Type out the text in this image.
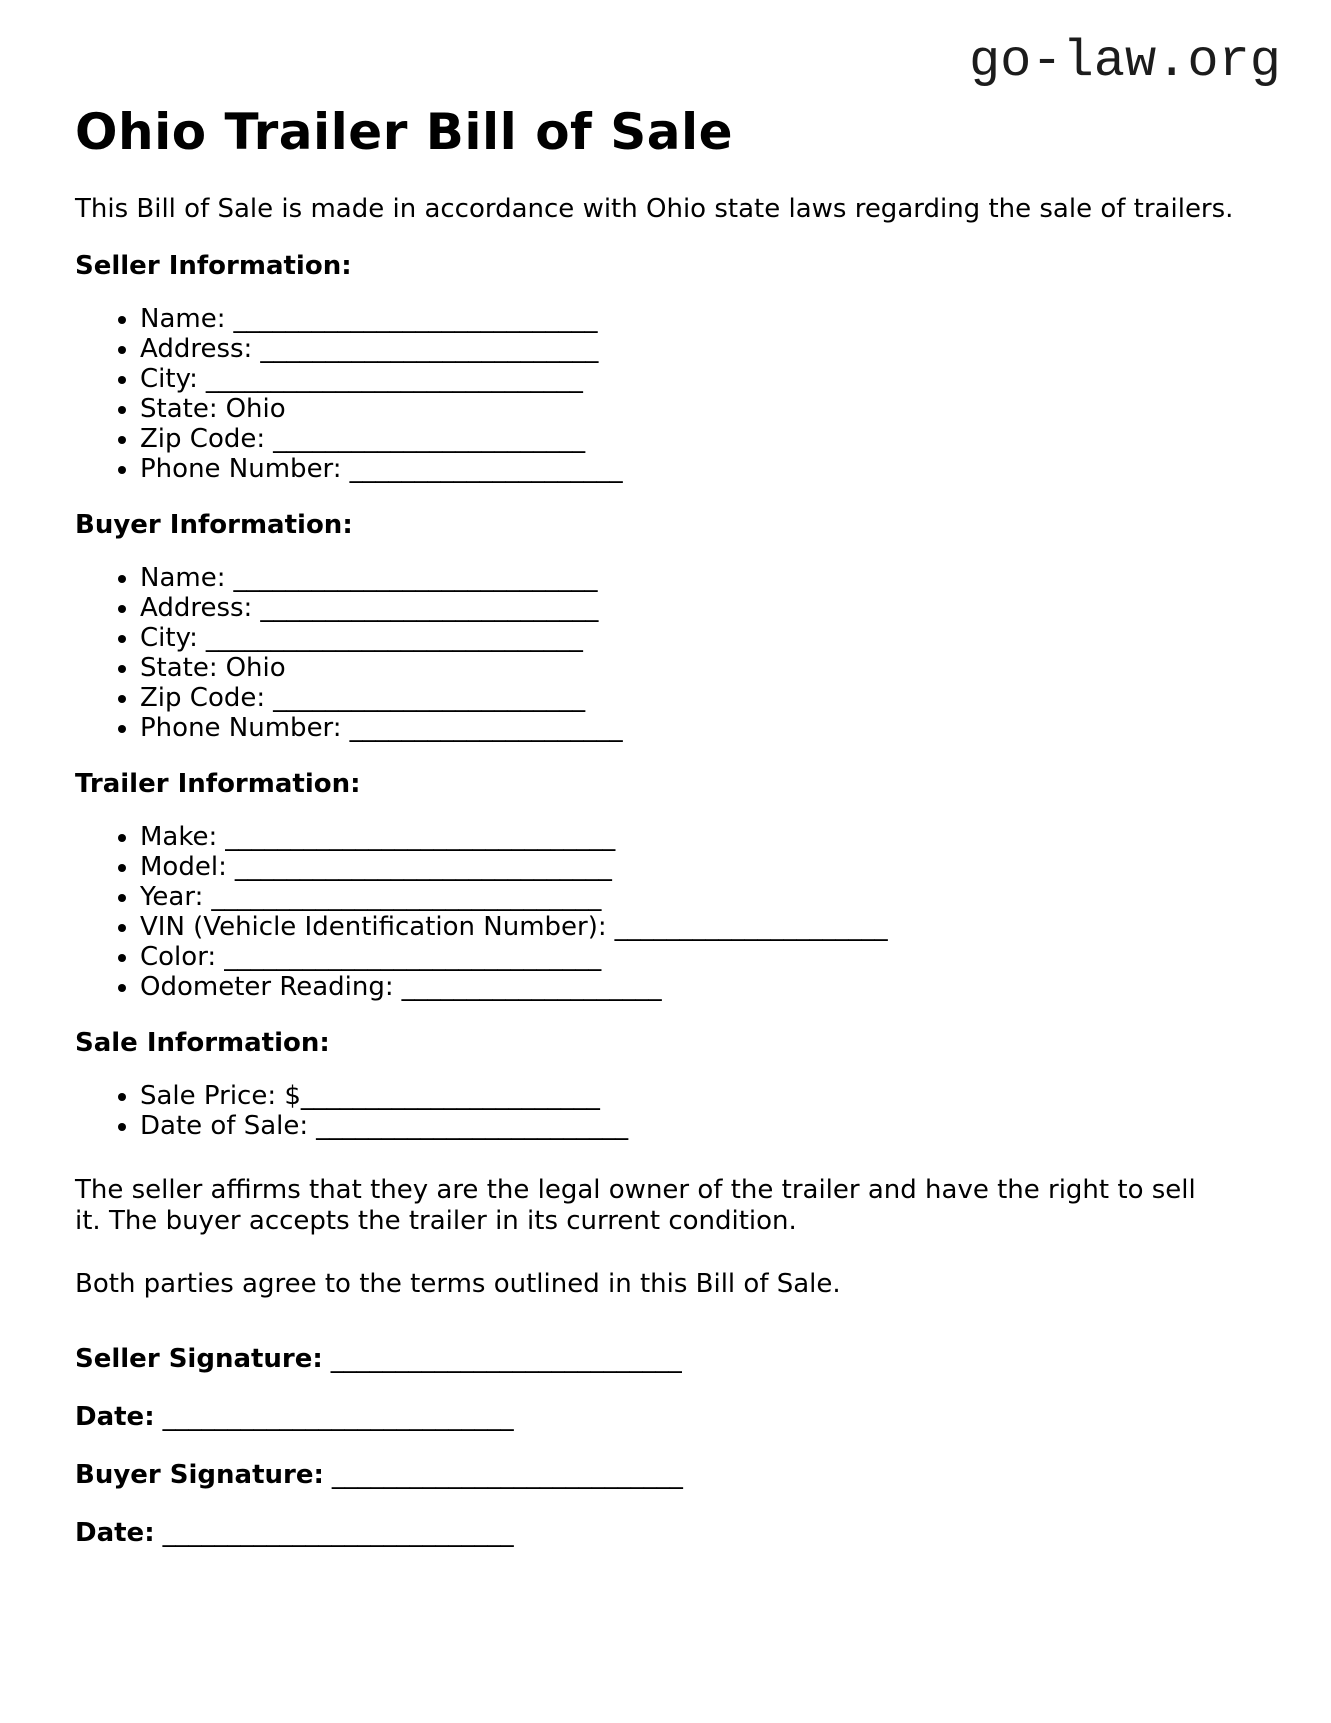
go-law.org
Ohio Trailer Bill of Sale

This Bill of Sale is made in accordance with Ohio state laws regarding the sale of trailers.

Seller Information:
• Name: ____________________________
• Address: __________________________
• City: _____________________________
• State: Ohio
• Zip Code: ________________________
• Phone Number: _____________________
Buyer Information:
• Name: ____________________________
• Address: __________________________
• City: _____________________________
• State: Ohio
• Zip Code: ________________________
• Phone Number: _____________________
Trailer Information:
• Make: ______________________________
• Model: _____________________________
• Year: ______________________________
• VIN (Vehicle Identification Number): _____________________
• Color: _____________________________
• Odometer Reading: ____________________
Sale Information:
• Sale Price: $_______________________
• Date of Sale: ________________________

The seller affirms that they are the legal owner of the trailer and have the right to sell it. The buyer accepts the trailer in its current condition.

Both parties agree to the terms outlined in this Bill of Sale.

Seller Signature: ___________________________
Date: ___________________________
Buyer Signature: ___________________________
Date: ___________________________
